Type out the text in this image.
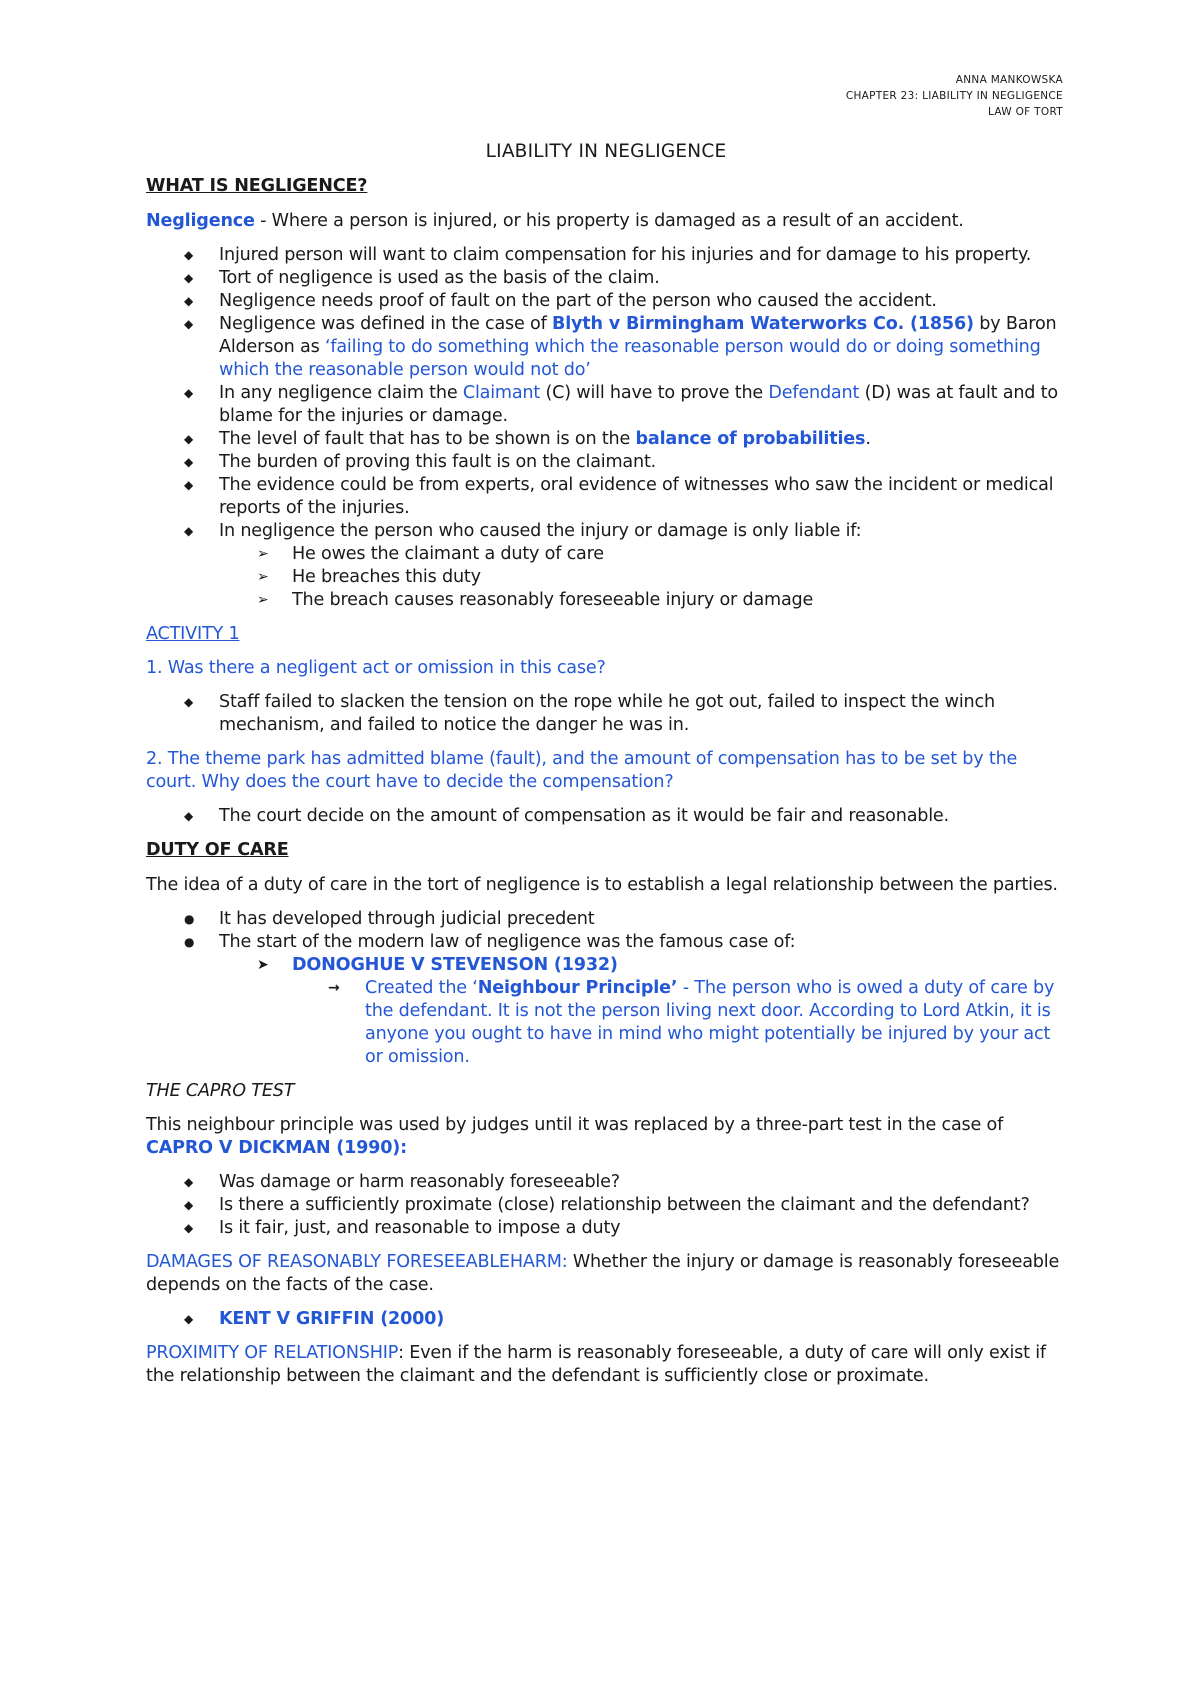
ANNA MANKOWSKA
CHAPTER 23: LIABILITY IN NEGLIGENCE
LAW OF TORT
LIABILITY IN NEGLIGENCE
WHAT IS NEGLIGENCE?

Negligence - Where a person is injured, or his property is damaged as a result of an accident.

◆ Injured person will want to claim compensation for his injuries and for damage to his property.
◆ Tort of negligence is used as the basis of the claim.
◆ Negligence needs proof of fault on the part of the person who caused the accident.
◆ Negligence was defined in the case of Blyth v Birmingham Waterworks Co. (1856) by Baron Alderson as ‘failing to do something which the reasonable person would do or doing something which the reasonable person would not do’
◆ In any negligence claim the Claimant (C) will have to prove the Defendant (D) was at fault and to blame for the injuries or damage.
◆ The level of fault that has to be shown is on the balance of probabilities.
◆ The burden of proving this fault is on the claimant.
◆ The evidence could be from experts, oral evidence of witnesses who saw the incident or medical reports of the injuries.
◆ In negligence the person who caused the injury or damage is only liable if:
➢ He owes the claimant a duty of care
➢ He breaches this duty
➢ The breach causes reasonably foreseeable injury or damage

ACTIVITY 1

1. Was there a negligent act or omission in this case?

◆ Staff failed to slacken the tension on the rope while he got out, failed to inspect the winch mechanism, and failed to notice the danger he was in.

2. The theme park has admitted blame (fault), and the amount of compensation has to be set by the court. Why does the court have to decide the compensation?

◆ The court decide on the amount of compensation as it would be fair and reasonable.
DUTY OF CARE

The idea of a duty of care in the tort of negligence is to establish a legal relationship between the parties.

● It has developed through judicial precedent
● The start of the modern law of negligence was the famous case of:
➤ DONOGHUE V STEVENSON (1932)
→ Created the ‘Neighbour Principle’ - The person who is owed a duty of care by the defendant. It is not the person living next door. According to Lord Atkin, it is anyone you ought to have in mind who might potentially be injured by your act or omission.

THE CAPRO TEST

This neighbour principle was used by judges until it was replaced by a three-part test in the case of CAPRO V DICKMAN (1990):

◆ Was damage or harm reasonably foreseeable?
◆ Is there a sufficiently proximate (close) relationship between the claimant and the defendant?
◆ Is it fair, just, and reasonable to impose a duty

DAMAGES OF REASONABLY FORESEEABLEHARM: Whether the injury or damage is reasonably foreseeable depends on the facts of the case.

◆ KENT V GRIFFIN (2000)

PROXIMITY OF RELATIONSHIP: Even if the harm is reasonably foreseeable, a duty of care will only exist if the relationship between the claimant and the defendant is sufficiently close or proximate.
